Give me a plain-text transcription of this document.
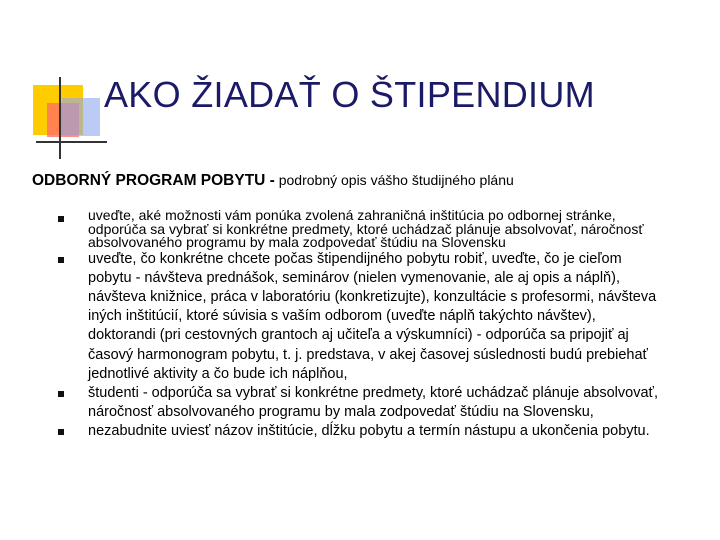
AKO ŽIADAŤ O ŠTIPENDIUM
ODBORNÝ PROGRAM POBYTU - podrobný opis vášho študijného plánu
uveďte, aké možnosti vám ponúka zvolená zahraničná inštitúcia po odbornej stránke, odporúča sa vybrať si konkrétne predmety, ktoré uchádzač plánuje absolvovať, náročnosť absolvovaného programu by mala zodpovedať štúdiu na Slovensku
uveďte, čo konkrétne chcete počas štipendijného pobytu robiť, uveďte, čo je cieľom pobytu - návšteva prednášok, seminárov (nielen vymenovanie, ale aj opis a náplň), návšteva knižnice, práca v laboratóriu (konkretizujte), konzultácie s profesormi, návšteva iných inštitúcií, ktoré súvisia s vaším odborom (uveďte náplň takýchto návštev), doktorandi (pri cestovných grantoch aj učiteľa a výskumníci) - odporúča sa pripojiť aj časový harmonogram pobytu, t. j. predstava, v akej časovej súslednosti budú prebiehať jednotlivé aktivity a čo bude ich náplňou,
študenti - odporúča sa vybrať si konkrétne predmety, ktoré uchádzač plánuje absolvovať, náročnosť absolvovaného programu by mala zodpovedať štúdiu na Slovensku,
nezabudnite uviesť názov inštitúcie, dĺžku pobytu a termín nástupu a ukončenia pobytu.
